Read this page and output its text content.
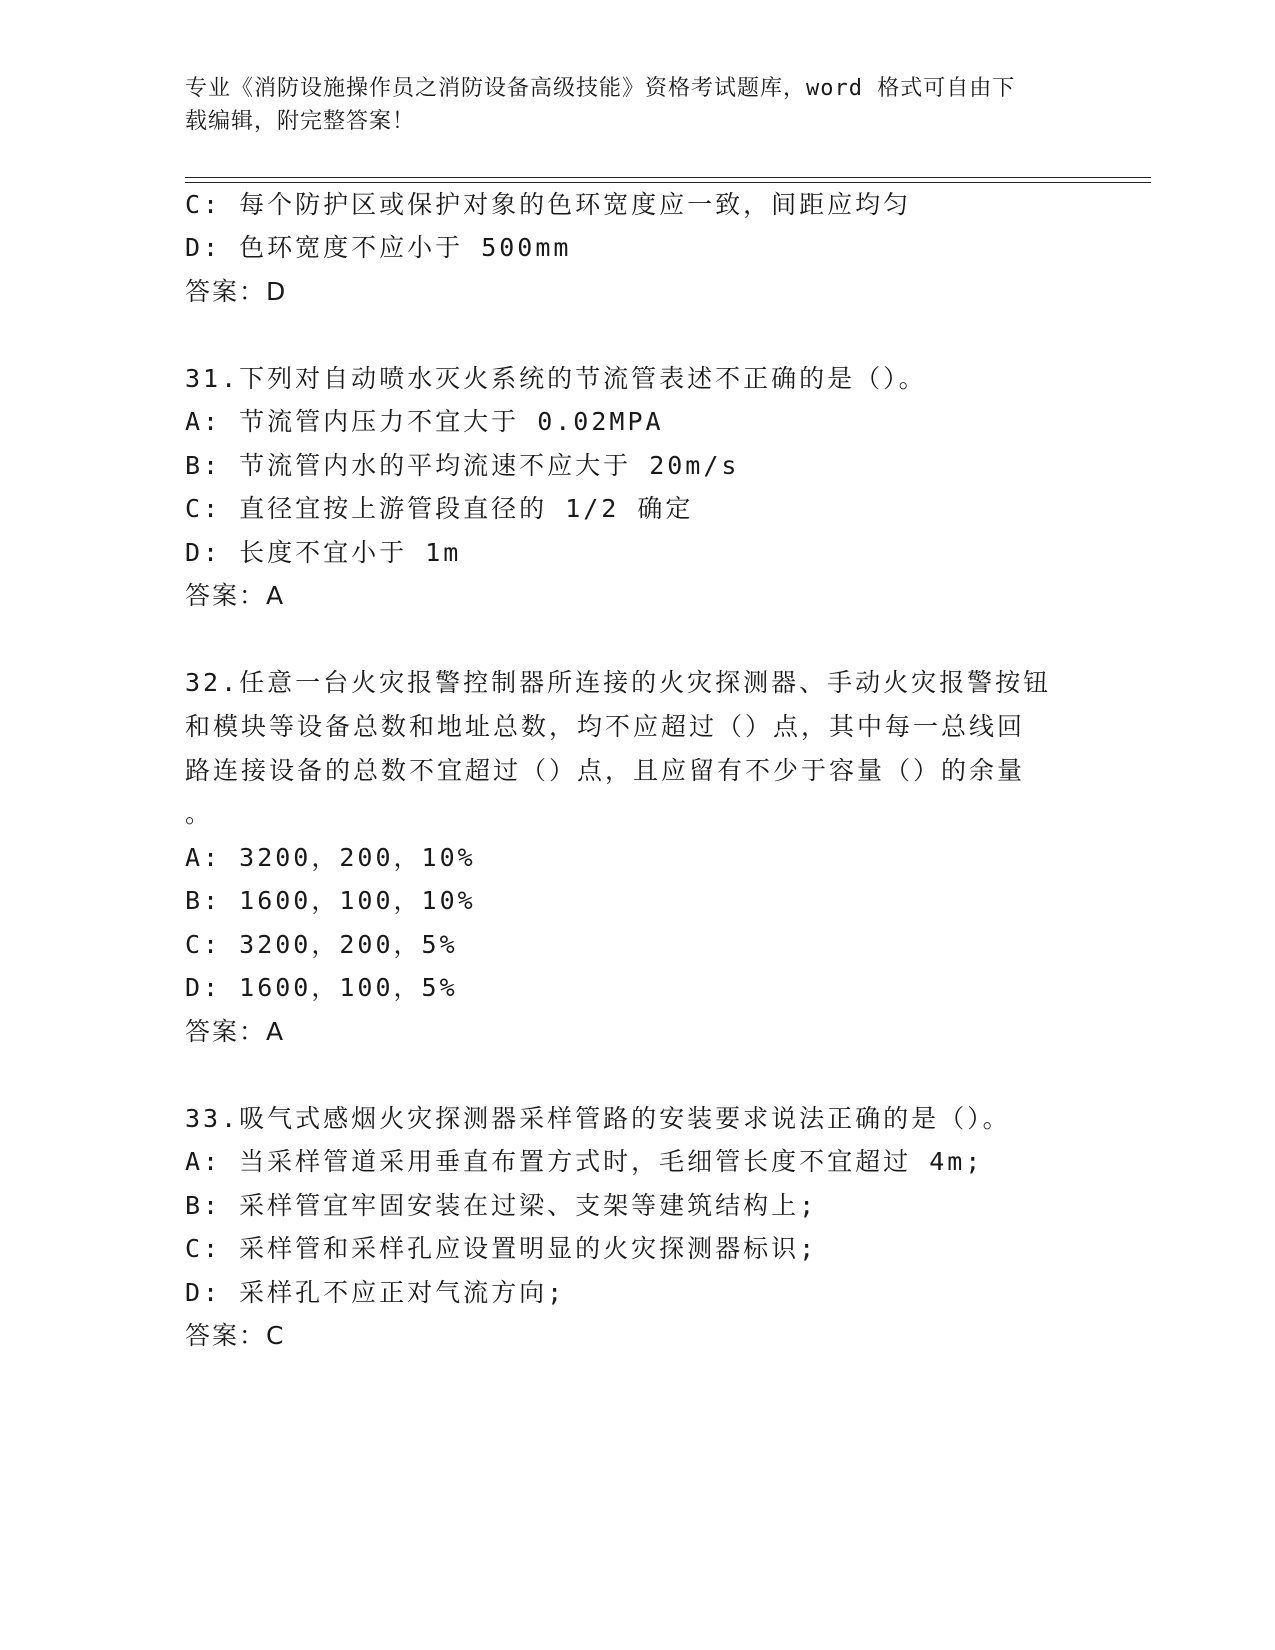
专业《消防设施操作员之消防设备高级技能》资格考试题库，word 格式可自由下
载编辑，附完整答案！
C: 每个防护区或保护对象的色环宽度应一致，间距应均匀
D: 色环宽度不应小于 500mm
答案：D
31.下列对自动喷水灭火系统的节流管表述不正确的是（）。
A: 节流管内压力不宜大于 0.02MPA
B: 节流管内水的平均流速不应大于 20m/s
C: 直径宜按上游管段直径的 1/2 确定
D: 长度不宜小于 1m
答案：A
32.任意一台火灾报警控制器所连接的火灾探测器、手动火灾报警按钮
和模块等设备总数和地址总数，均不应超过（）点，其中每一总线回
路连接设备的总数不宜超过（）点，且应留有不少于容量（）的余量
。
A: 3200，200，10%
B: 1600，100，10%
C: 3200，200，5%
D: 1600，100，5%
答案：A
33.吸气式感烟火灾探测器采样管路的安装要求说法正确的是（）。
A: 当采样管道采用垂直布置方式时，毛细管长度不宜超过 4m;
B: 采样管宜牢固安装在过梁、支架等建筑结构上;
C: 采样管和采样孔应设置明显的火灾探测器标识;
D: 采样孔不应正对气流方向;
答案：C
